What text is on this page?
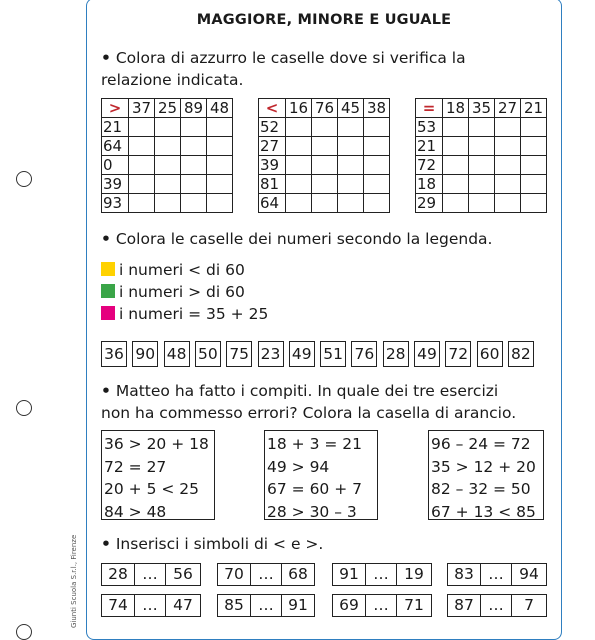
Giunti Scuola S.r.l., Firenze
MAGGIORE, MINORE E UGUALE
• Colora di azzurro le caselle dove si verifica la
relazione indicata.
>	37	25	89	48
21				
64				
0				
39				
93				
<	16	76	45	38
52				
27				
39				
81				
64				
=	18	35	27	21
53				
21				
72				
18				
29				
• Colora le caselle dei numeri secondo la legenda.
i numeri < di 60
i numeri > di 60
i numeri = 35 + 25
36 90 48 50 75 23 49 51 76 28 49 72 60 82
• Matteo ha fatto i compiti. In quale dei tre esercizi
non ha commesso errori? Colora la casella di arancio.
36 > 20 + 18
72 = 27
20 + 5 < 25
84 > 48
18 + 3 = 21
49 > 94
67 = 60 + 7
28 > 30 – 3
96 – 24 = 72
35 > 12 + 20
82 – 32 = 50
67 + 13 < 85
• Inserisci i simboli di < e >.
28 … 56	70 … 68	91 … 19	83 … 94
74 … 47	85 … 91	69 … 71	87 …	7
